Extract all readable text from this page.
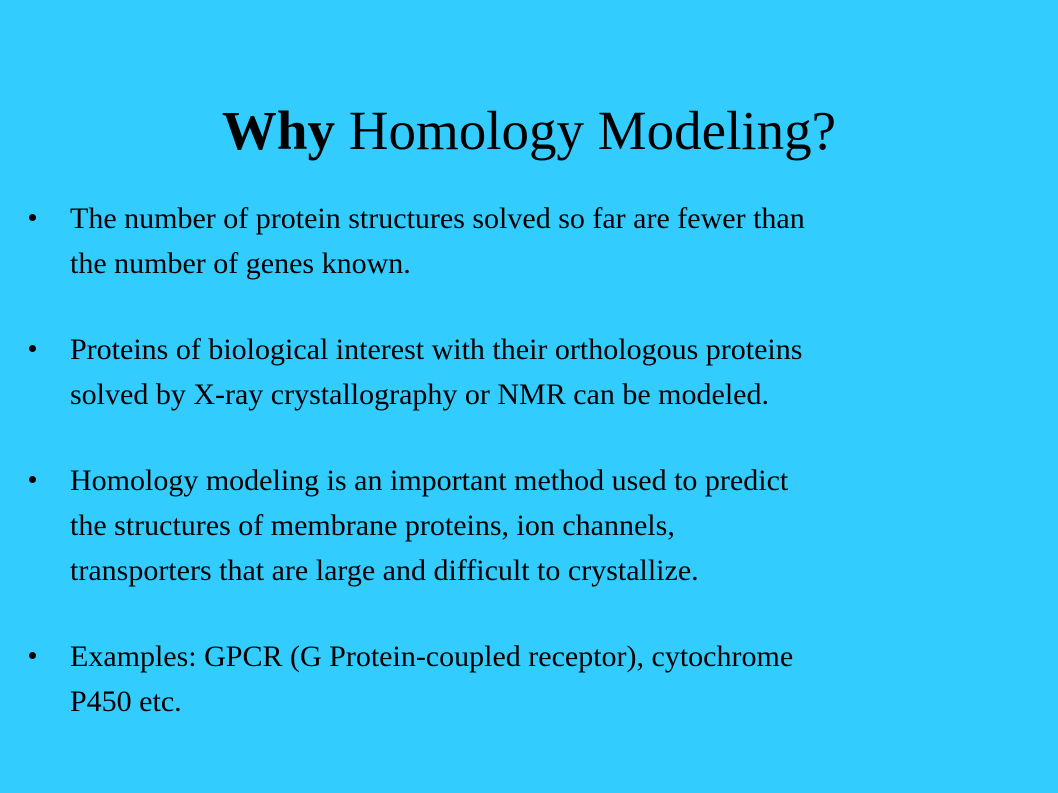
Why Homology Modeling?
The number of protein structures solved so far are fewer than
the number of genes known.
Proteins of biological interest with their orthologous proteins
solved by X-ray crystallography or NMR can be modeled.
Homology modeling is an important method used to predict
the structures of membrane proteins, ion channels,
transporters that are large and difficult to crystallize.
Examples: GPCR (G Protein-coupled receptor), cytochrome
P450 etc.
